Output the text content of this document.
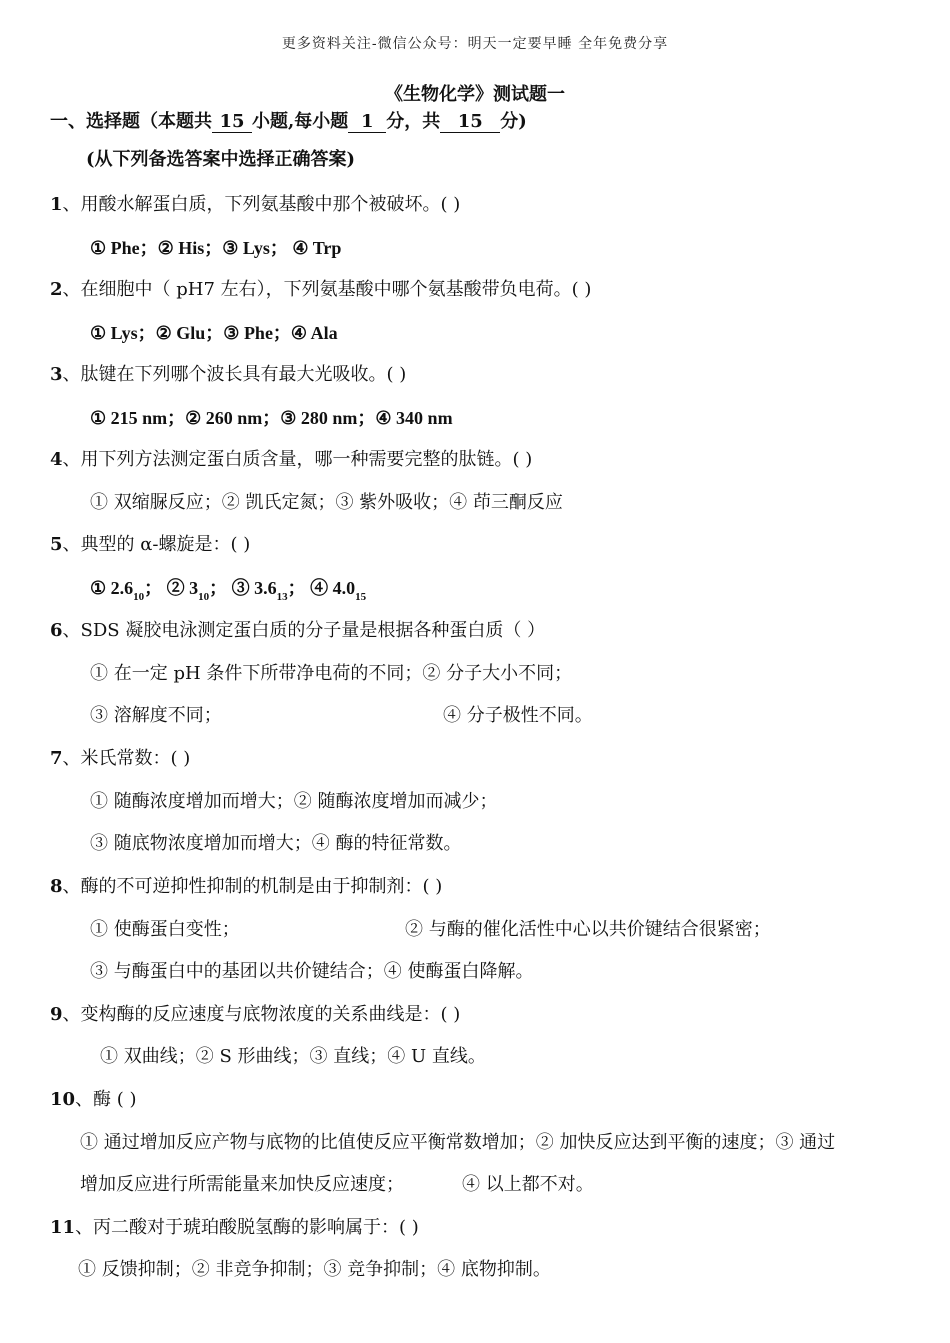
更多资料关注-微信公众号：明天一定要早睡 全年免费分享
《生物化学》测试题一
一、选择题（本题共 15 小题,每小题 1 分，共 15 分)
(从下列备选答案中选择正确答案)
1、用酸水解蛋白质，下列氨基酸中那个被破坏。( )
① Phe；② His；③ Lys； ④ Trp
2、在细胞中（ pH7 左右），下列氨基酸中哪个氨基酸带负电荷。( )
① Lys；② Glu；③ Phe；④ Ala
3、肽键在下列哪个波长具有最大光吸收。( )
① 215 nm；② 260 nm；③ 280 nm；④ 340 nm
4、用下列方法测定蛋白质含量，哪一种需要完整的肽链。( )
① 双缩脲反应；② 凯氏定氮；③ 紫外吸收；④ 茚三酮反应
5、典型的 α-螺旋是：( )
① $2.6_{10}$； ② $3_{10}$； ③ $3.6_{13}$； ④ $4.0_{15}$
6、SDS 凝胶电泳测定蛋白质的分子量是根据各种蛋白质（ ）
① 在一定 pH 条件下所带净电荷的不同；② 分子大小不同；
③ 溶解度不同；	④ 分子极性不同。
7、米氏常数：( )
① 随酶浓度增加而增大；② 随酶浓度增加而减少；
③ 随底物浓度增加而增大；④ 酶的特征常数。
8、酶的不可逆抑性抑制的机制是由于抑制剂：( )
① 使酶蛋白变性；	② 与酶的催化活性中心以共价键结合很紧密；
③ 与酶蛋白中的基团以共价键结合；④ 使酶蛋白降解。
9、变构酶的反应速度与底物浓度的关系曲线是：( )
① 双曲线；② S 形曲线；③ 直线；④ U 直线。
10、酶 ( )
① 通过增加反应产物与底物的比值使反应平衡常数增加；② 加快反应达到平衡的速度；③ 通过
增加反应进行所需能量来加快反应速度；	④ 以上都不对。
11、丙二酸对于琥珀酸脱氢酶的影响属于：( )
① 反馈抑制；② 非竞争抑制；③ 竞争抑制；④ 底物抑制。
